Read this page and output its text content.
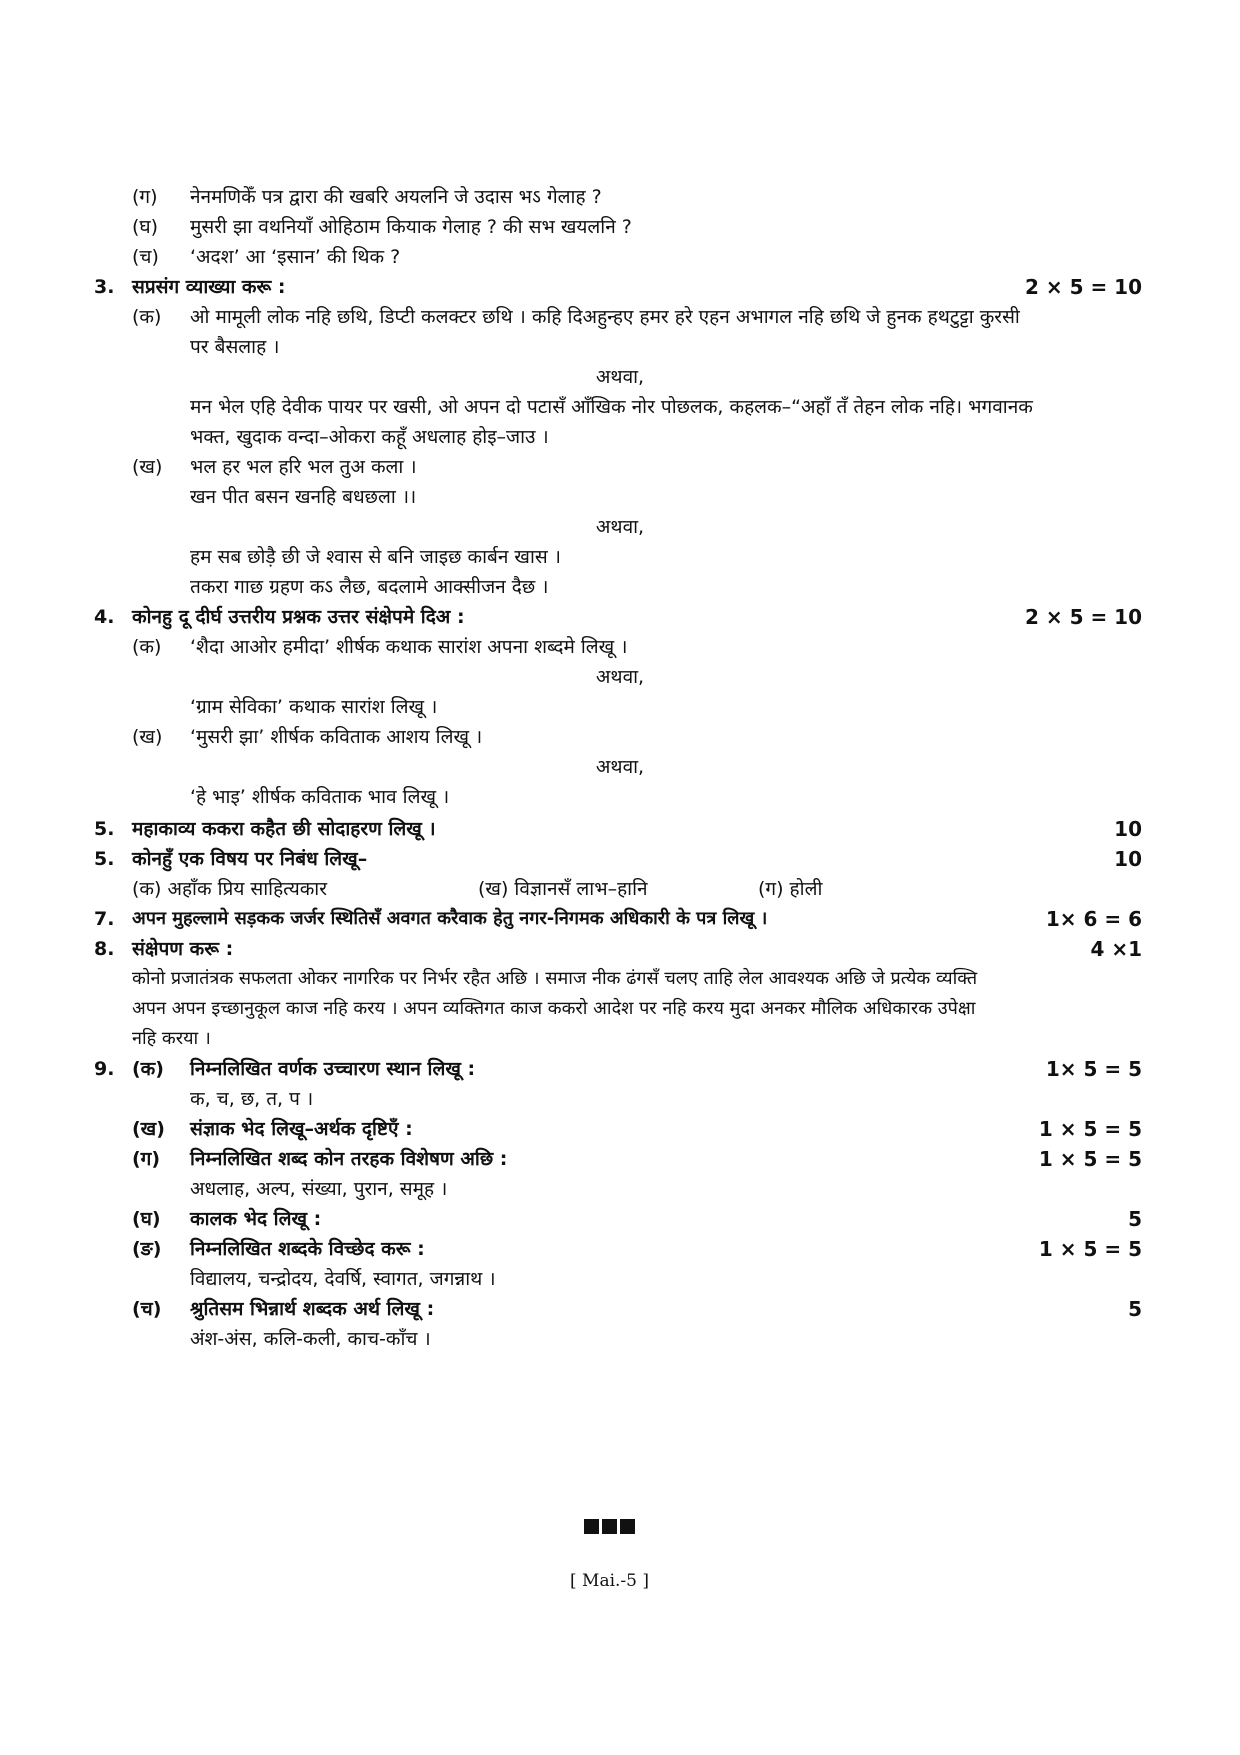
(ग) नेनमणिकेँ पत्र द्वारा की खबरि अयलनि जे उदास भऽ गेलाह ?
(घ) मुसरी झा वथनियाँ ओहिठाम कियाक गेलाह ? की सभ खयलनि ?
(च) ‘अदश’ आ ‘इसान’ की थिक ?
3. सप्रसंग व्याख्या करू :	2 × 5 = 10
(क) ओ मामूली लोक नहि छथि, डिप्टी कलक्टर छथि । कहि दिअहुन्हए हमर हरे एहन अभागल नहि छथि जे हुनक हथटुट्टा कुरसी
पर बैसलाह ।
अथवा,
मन भेल एहि देवीक पायर पर खसी, ओ अपन दो पटासँ आँखिक नोर पोछलक, कहलक–“अहाँ तँ तेहन लोक नहि। भगवानक
भक्त, खुदाक वन्दा–ओकरा कहूँ अधलाह होइ–जाउ ।
(ख) भल हर भल हरि भल तुअ कला ।
खन पीत बसन खनहि बधछला ।।
अथवा,
हम सब छोड़ै छी जे श्वास से बनि जाइछ कार्बन खास ।
तकरा गाछ ग्रहण कऽ लैछ, बदलामे आक्सीजन दैछ ।
4. कोनहु दू दीर्घ उत्तरीय प्रश्नक उत्तर संक्षेपमे दिअ :	2 × 5 = 10
(क) ‘शैदा आओर हमीदा’ शीर्षक कथाक सारांश अपना शब्दमे लिखू ।
अथवा,
‘ग्राम सेविका’ कथाक सारांश लिखू ।
(ख) ‘मुसरी झा’ शीर्षक कविताक आशय लिखू ।
अथवा,
‘हे भाइ’ शीर्षक कविताक भाव लिखू ।
5. महाकाव्य ककरा कहैत छी सोदाहरण लिखू ।	10
5. कोनहुँ एक विषय पर निबंध लिखू–	10
(क) अहाँक प्रिय साहित्यकार	(ख) विज्ञानसँ लाभ–हानि	(ग) होली
7. अपन मुहल्लामे सड़कक जर्जर स्थितिसँ अवगत करैवाक हेतु नगर-निगमक अधिकारी के पत्र लिखू ।	1× 6 = 6
8. संक्षेपण करू :	4 ×1
कोनो प्रजातंत्रक सफलता ओकर नागरिक पर निर्भर रहैत अछि । समाज नीक ढंगसँ चलए ताहि लेल आवश्यक अछि जे प्रत्येक व्यक्ति
अपन अपन इच्छानुकूल काज नहि करय । अपन व्यक्तिगत काज ककरो आदेश पर नहि करय मुदा अनकर मौलिक अधिकारक उपेक्षा
नहि करया ।
9. (क) निम्नलिखित वर्णक उच्चारण स्थान लिखू :	1× 5 = 5
क, च, छ, त, प ।
(ख) संज्ञाक भेद लिखू–अर्थक दृष्टिएँ :	1 × 5 = 5
(ग) निम्नलिखित शब्द कोन तरहक विशेषण अछि :	1 × 5 = 5
अधलाह, अल्प, संख्या, पुरान, समूह ।
(घ) कालक भेद लिखू :	5
(ङ) निम्नलिखित शब्दके विच्छेद करू :	1 × 5 = 5
विद्यालय, चन्द्रोदय, देवर्षि, स्वागत, जगन्नाथ ।
(च) श्रुतिसम भिन्नार्थ शब्दक अर्थ लिखू :	5
अंश-अंस, कलि-कली, काच-काँच ।
[ Mai.-5 ]
